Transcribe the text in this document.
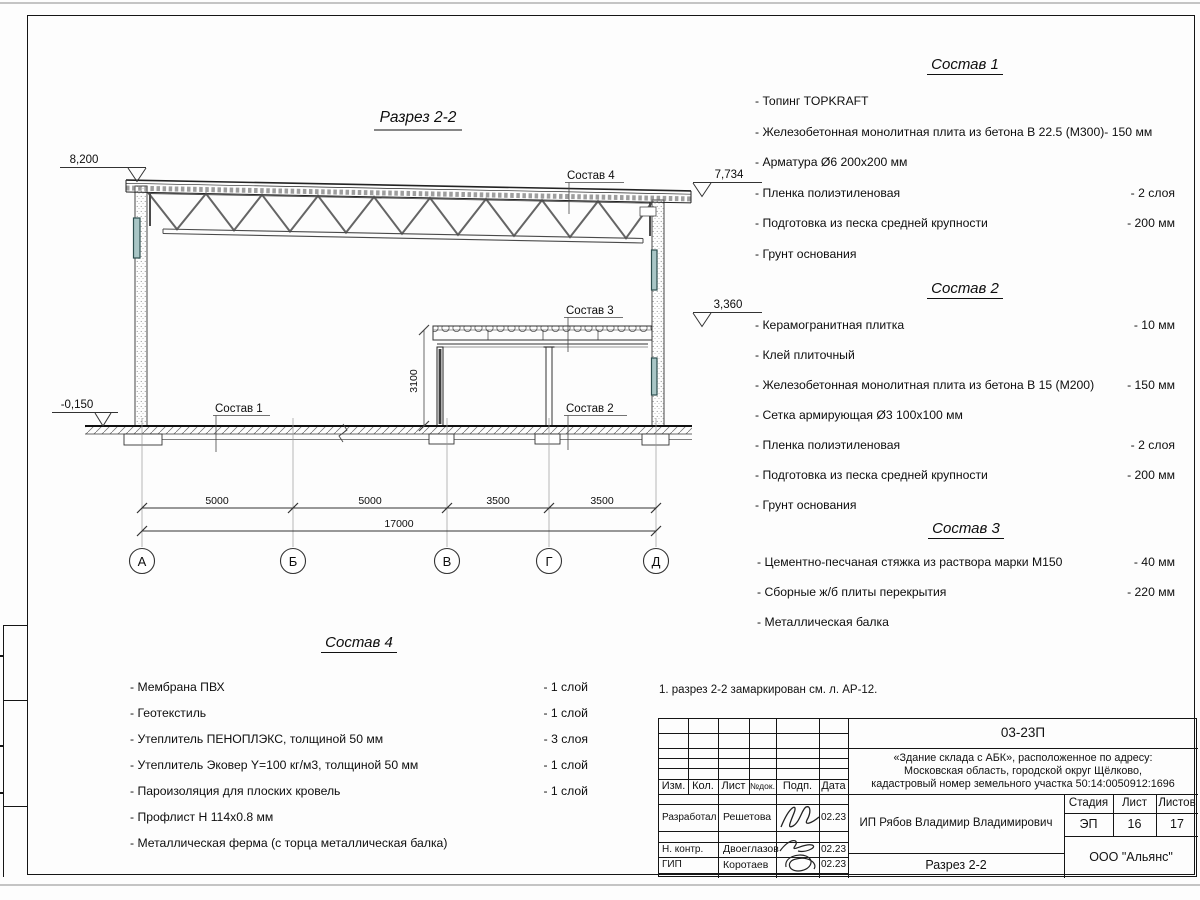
Разрез 2-2
8,200
7,734
3,360
-0,150
Состав 4
Состав 3
Состав 1	Состав 2
3100
5000	5000	3500	3500
17000
А	Б	В	Г	Д
Состав 1
- Топинг TOPKRAFT
- Железобетонная монолитная плита из бетона В 22.5 (М300)- 150 мм
- Арматура Ø6 200x200 мм
- Пленка полиэтиленовая	- 2 слоя
- Подготовка из песка средней крупности	- 200 мм
- Грунт основания
Состав 2
- Керамогранитная плитка	- 10 мм
- Клей плиточный
- Железобетонная монолитная плита из бетона В 15 (М200)	- 150 мм
- Сетка армирующая Ø3 100x100 мм
- Пленка полиэтиленовая	- 2 слоя
- Подготовка из песка средней крупности	- 200 мм
- Грунт основания
Состав 3
- Цементно-песчаная стяжка из раствора марки М150	- 40 мм
- Сборные ж/б плиты перекрытия	- 220 мм
- Металлическая балка
Состав 4
- Мембрана ПВХ	- 1 слой
- Геотекстиль	- 1 слой
- Утеплитель ПЕНОПЛЭКС, толщиной 50 мм	- 3 слоя
- Утеплитель Эковер Y=100 кг/м3, толщиной 50 мм	- 1 слой
- Пароизоляция для плоских кровель	- 1 слой
- Профлист Н 114x0.8 мм
- Металлическая ферма (с торца металлическая балка)
1. разрез 2-2 замаркирован см. л. АР-12.
Изм. Кол. Лист №док. Подп. Дата
Разработал Решетова	02.23
Н. контр.	Двоеглазов	02.23
ГИП	Коротаев	02.23
03-23П
«Здание склада с АБК», расположенное по адресу:
Московская область, городской округ Щёлково,
кадастровый номер земельного участка 50:14:0050912:1696
ИП Рябов Владимир Владимирович
Стадия	Лист Листов
ЭП	16	17
Разрез 2-2
ООО "Альянс"
